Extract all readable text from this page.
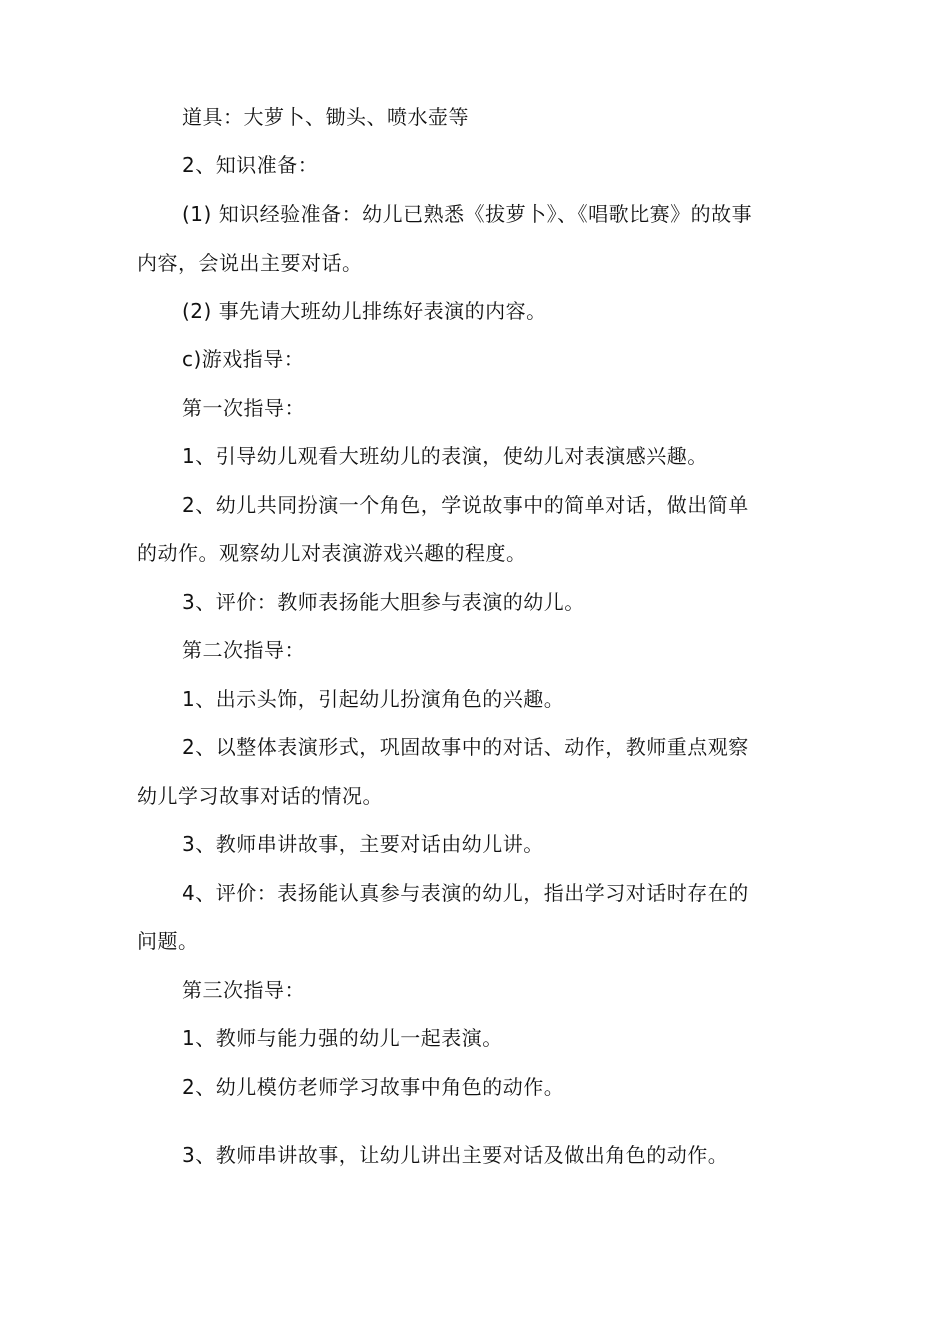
道具：大萝卜、锄头、喷水壶等
2、知识准备：
(1) 知识经验准备：幼儿已熟悉《拔萝卜》、《唱歌比赛》的故事
内容，会说出主要对话。
(2) 事先请大班幼儿排练好表演的内容。
c)游戏指导：
第一次指导：
1、引导幼儿观看大班幼儿的表演，使幼儿对表演感兴趣。
2、幼儿共同扮演一个角色，学说故事中的简单对话，做出简单
的动作。观察幼儿对表演游戏兴趣的程度。
3、评价：教师表扬能大胆参与表演的幼儿。
第二次指导：
1、出示头饰，引起幼儿扮演角色的兴趣。
2、以整体表演形式，巩固故事中的对话、动作，教师重点观察
幼儿学习故事对话的情况。
3、教师串讲故事，主要对话由幼儿讲。
4、评价：表扬能认真参与表演的幼儿，指出学习对话时存在的
问题。
第三次指导：
1、教师与能力强的幼儿一起表演。
2、幼儿模仿老师学习故事中角色的动作。
3、教师串讲故事，让幼儿讲出主要对话及做出角色的动作。
